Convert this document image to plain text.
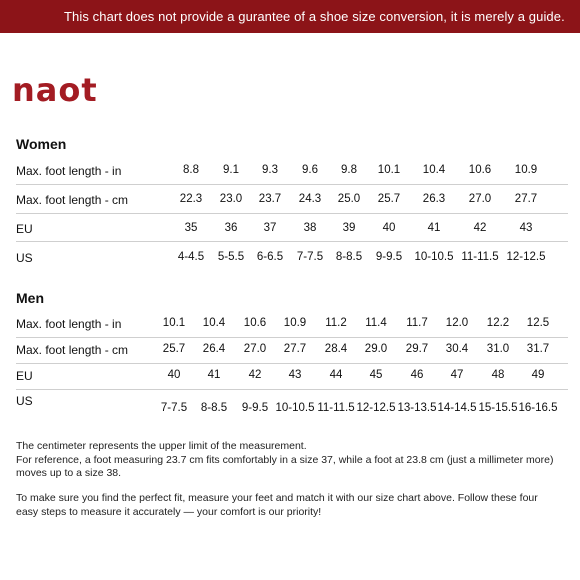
This chart does not provide a gurantee of a shoe size conversion, it is merely a guide.
naot
Women
Max. foot length - in	8.8 9.1 9.3 9.6 9.8 10.1 10.4 10.6 10.9
Max. foot length - cm	22.3 23.0 23.7 24.3 25.0 25.7 26.3 27.0 27.7
EU	35 36 37 38 39 40	41	42	43
US	4-4.5 5-5.5 6-6.5 7-7.5 8-8.5 9-9.5 10-10.5 11-11.5 12-12.5
Men
Max. foot length - in	10.1 10.4 10.6 10.9 11.2 11.4 11.7 12.0 12.2 12.5
Max. foot length - cm	25.7 26.4 27.0 27.7 28.4 29.0 29.7 30.4 31.0 31.7
EU	40 41 42 43 44 45 46 47 48 49
US	7-7.5 8-8.5 9-9.5 10-10.5 11-11.5 12-12.5 13-13.5 14-14.5 15-15.5 16-16.5
The centimeter represents the upper limit of the measurement.
For reference, a foot measuring 23.7 cm fits comfortably in a size 37, while a foot at 23.8 cm (just a millimeter more) moves up to a size 38.
To make sure you find the perfect fit, measure your feet and match it with our size chart above. Follow these four easy steps to measure it accurately — your comfort is our priority!
